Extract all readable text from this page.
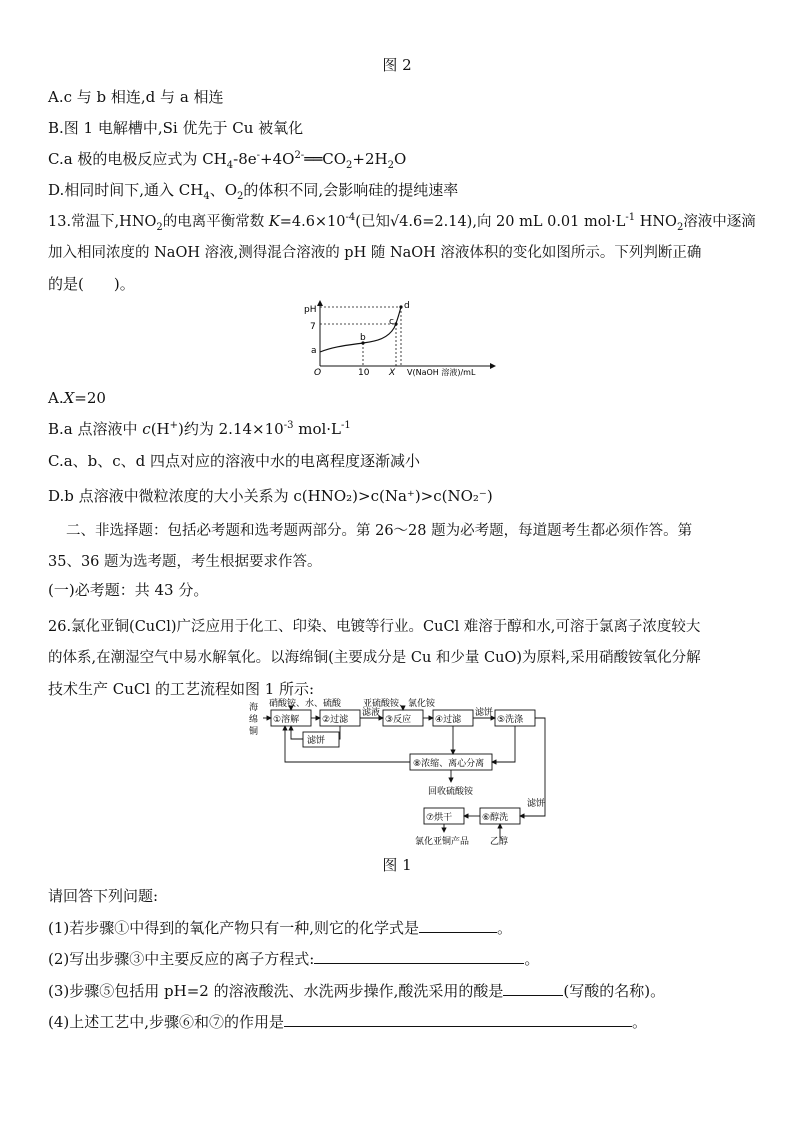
图 2
A.c 与 b 相连,d 与 a 相连
B.图 1 电解槽中,Si 优先于 Cu 被氧化
C.a 极的电极反应式为 $CH_4-8e^-+4O^{2-}══CO_2+2H_2O$
D.相同时间下,通入 $CH_4$、$O_2$的体积不同,会影响硅的提纯速率
13.常温下$,HNO_2$的电离平衡常数 $K=4.6\times 10^{-4}$(已知√4.6=2.14),向 20 mL 0.01 $mol\cdot L^{-1}$ $HNO_2$溶液中逐滴
加入相同浓度的 NaOH 溶液,测得混合溶液的 pH 随 NaOH 溶液体积的变化如图所示。下列判断正确
的是(　　)。
pH
7
a
O	10 X V(NaOH 溶液)/mL
b
c
d
A.X=20
B.a 点溶液中 c(H+)约为 $2.14\times 10^{-3}$ $mol\cdot L^{-1}$
C.a、b、c、d 四点对应的溶液中水的电离程度逐渐减小
D.b 点溶液中微粒浓度的大小关系为 c(HNO₂)>c(Na⁺)>c(NO₂⁻)
二、非选择题：包括必考题和选考题两部分。第 26～28 题为必考题，每道题考生都必须作答。第
35、36 题为选考题，考生根据要求作答。
(一)必考题：共 43 分。
26.氯化亚铜(CuCl)广泛应用于化工、印染、电镀等行业。CuCl 难溶于醇和水,可溶于氯离子浓度较大
的体系,在潮湿空气中易水解氧化。以海绵铜(主要成分是 Cu 和少量 CuO)为原料,采用硝酸铵氧化分解
技术生产 CuCl 的工艺流程如图 1 所示:
硝酸铵、水、硫酸 亚硫酸铵、氯化铵
海
绵
铜
①溶解	②过滤	③反应	④过滤	⑤洗涤
⑧浓缩、离心分离
⑦烘干	⑥醇洗
滤液	滤饼
滤饼
滤饼
回收硫酸铵
乙醇
氯化亚铜产品
图 1
请回答下列问题:
(1)若步骤①中得到的氧化产物只有一种,则它的化学式是	。
(2)写出步骤③中主要反应的离子方程式:	。
(3)步骤⑤包括用 pH=2 的溶液酸洗、水洗两步操作,酸洗采用的酸是	(写酸的名称)。
(4)上述工艺中,步骤⑥和⑦的作用是	。
